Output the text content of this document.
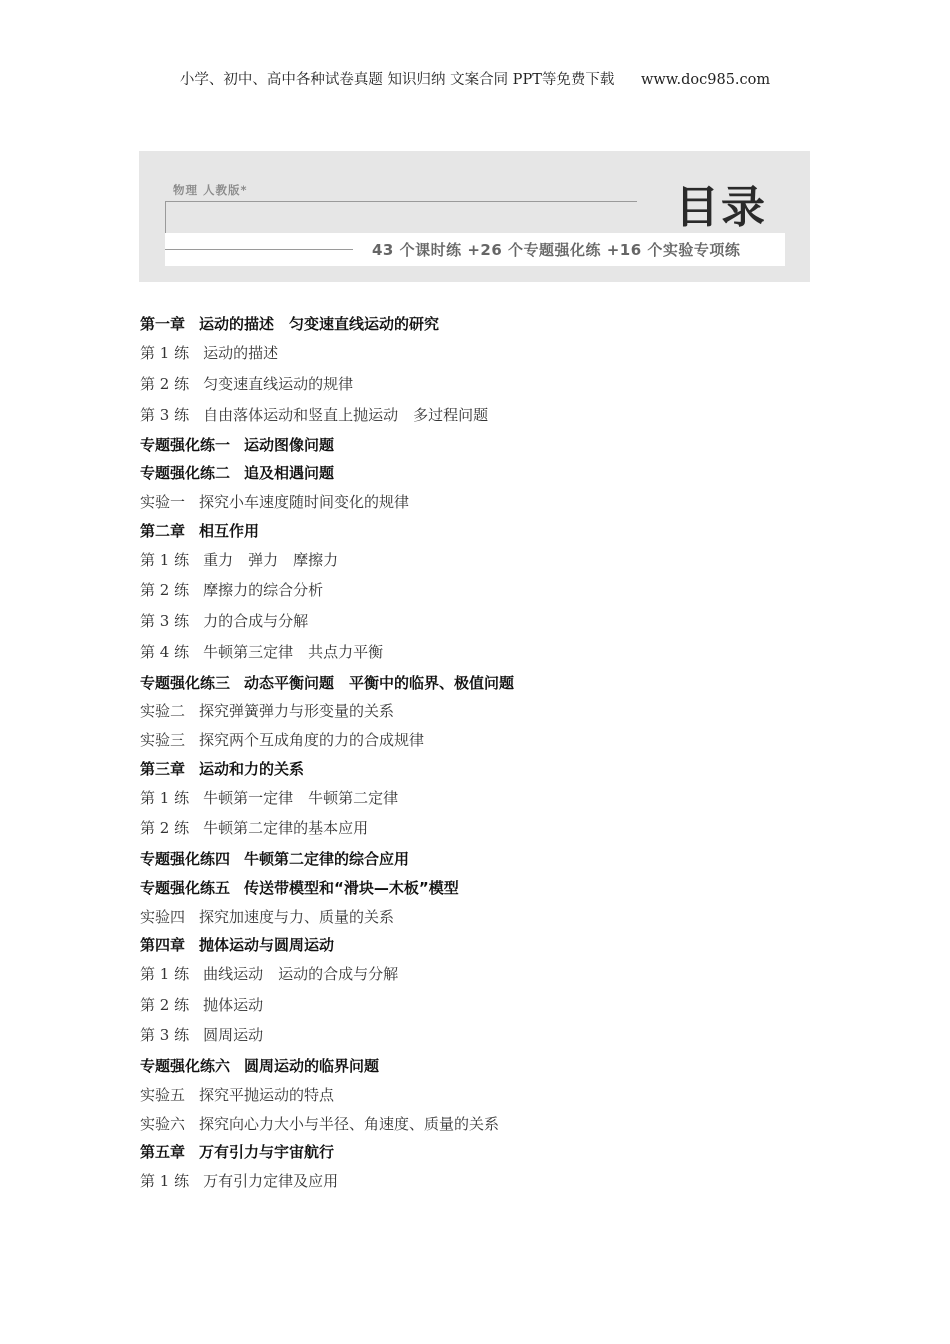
小学、初中、高中各种试卷真题 知识归纳 文案合同 PPT等免费下载 www.doc985.com
物理 人教版*	目录
43 个课时练 +26 个专题强化练 +16 个实验专项练
第一章 运动的描述　匀变速直线运动的研究
第 1 练 运动的描述
第 2 练 匀变速直线运动的规律
第 3 练 自由落体运动和竖直上抛运动　多过程问题
专题强化练一 运动图像问题
专题强化练二 追及相遇问题
实验一 探究小车速度随时间变化的规律
第二章 相互作用
第 1 练 重力　弹力　摩擦力
第 2 练 摩擦力的综合分析
第 3 练 力的合成与分解
第 4 练 牛顿第三定律　共点力平衡
专题强化练三 动态平衡问题　平衡中的临界、极值问题
实验二 探究弹簧弹力与形变量的关系
实验三 探究两个互成角度的力的合成规律
第三章 运动和力的关系
第 1 练 牛顿第一定律　牛顿第二定律
第 2 练 牛顿第二定律的基本应用
专题强化练四 牛顿第二定律的综合应用
专题强化练五 传送带模型和“滑块—木板”模型
实验四 探究加速度与力、质量的关系
第四章 抛体运动与圆周运动
第 1 练 曲线运动　运动的合成与分解
第 2 练 抛体运动
第 3 练 圆周运动
专题强化练六 圆周运动的临界问题
实验五 探究平抛运动的特点
实验六 探究向心力大小与半径、角速度、质量的关系
第五章 万有引力与宇宙航行
第 1 练 万有引力定律及应用
